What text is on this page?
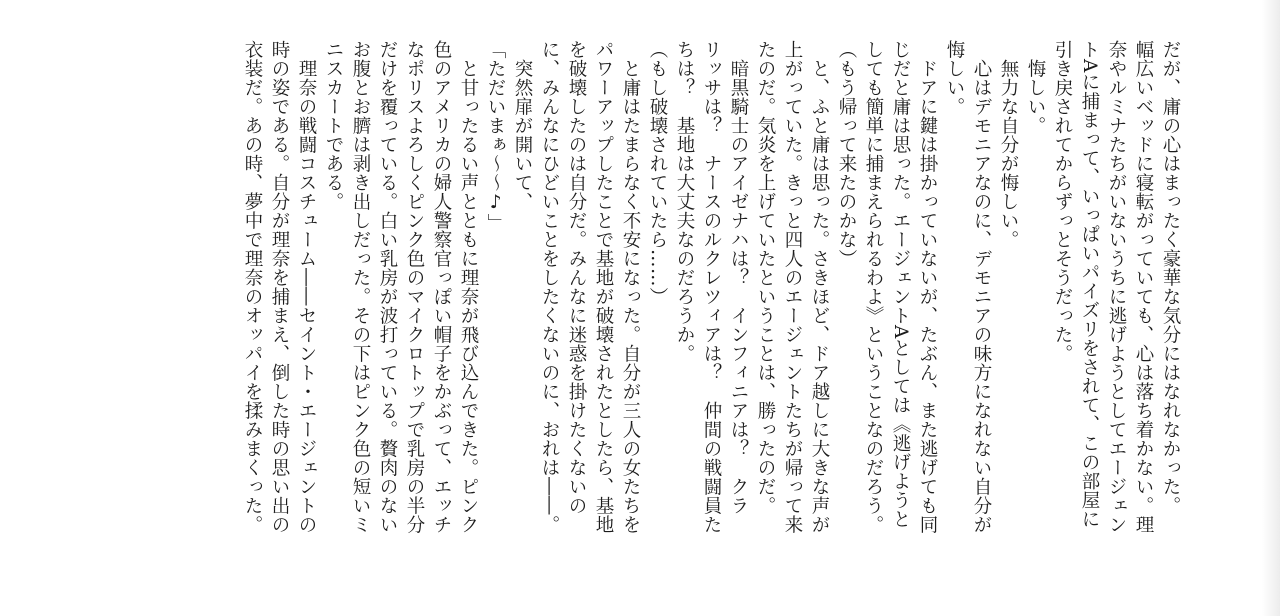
だが、庸の心はまったく豪華な気分にはなれなかった。
幅広いベッドに寝転がっていても、心は落ち着かない。理
奈やルミナたちがいないうちに逃げようとしてエージェン
トAに捕まって、いっぱいパイズリをされて、この部屋に
引き戻されてからずっとそうだった。
　悔しい。
　無力な自分が悔しい。
　心はデモニアなのに、デモニアの味方になれない自分が
悔しい。
　ドアに鍵は掛かっていないが、たぶん、また逃げても同
じだと庸は思った。エージェントAとしては《逃げようと
しても簡単に捕まえられるわよ》ということなのだろう。
（もう帰って来たのかな）
　と、ふと庸は思った。さきほど、ドア越しに大きな声が
上がっていた。きっと四人のエージェントたちが帰って来
たのだ。気炎を上げていたということは、勝ったのだ。
　暗黒騎士のアイゼナハは？　インフィニアは？　クラ
リッサは？　ナースのルクレツィアは？　仲間の戦闘員た
ちは？　基地は大丈夫なのだろうか。
（もし破壊されていたら……）
　と庸はたまらなく不安になった。自分が三人の女たちを
パワーアップしたことで基地が破壊されたとしたら、基地
を破壊したのは自分だ。みんなに迷惑を掛けたくないの
に、みんなにひどいことをしたくないのに、おれは――。
　突然扉が開いて、
「ただいまぁ～～♪」
　と甘ったるい声とともに理奈が飛び込んできた。ピンク
色のアメリカの婦人警察官っぽい帽子をかぶって、エッチ
なポリスよろしくピンク色のマイクロトップで乳房の半分
だけを覆っている。白い乳房が波打っている。贅肉のない
お腹とお臍は剥き出しだった。その下はピンク色の短いミ
ニスカートである。
　理奈の戦闘コスチューム――セイント・エージェントの
時の姿である。自分が理奈を捕まえ、倒した時の思い出の
衣装だ。あの時、夢中で理奈のオッパイを揉みまくった。
